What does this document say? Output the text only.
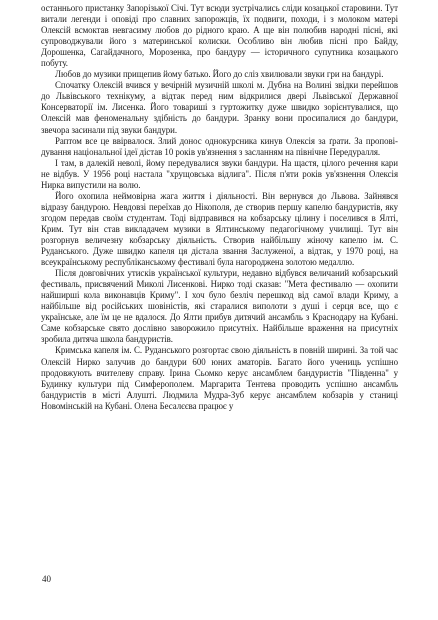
останнього пристанку Запорізької Січі. Тут всюди зустрічались сліди козацької старовини. Тут витали легенди і оповіді про славних запорожців, їх подвиги, походи, і з молоком матері Олексій всмоктав невгасиму любов до рідного краю. А ще він полюбив народні пісні, які супроводжували його з материнської колиски. Особливо він любив пісні про Байду, Дорошенка, Сагайдачного, Морозенка, про бандуру — історичного супутника козацького побуту.

Любов до музики прищепив йому батько. Його до сліз хвилювали звуки гри на бандурі.

Спочатку Олексій вчився у вечірній музичній школі м. Дубна на Волині звідки перейшов до Львівського технікуму, а відтак перед ним відкрилися двері Львівської Державної Консерваторії ім. Лисенка. Його товариші з гуртожитку дуже швидко зорієнтувалися, що Олексій мав феноменальну здібність до бандури. Зранку вони просипалися до бандури, звечора засинали під звуки бандури.

Раптом все це ввірвалося. Злий донос однокурсника кинув Олексія за ґрати. За проповідування національної ідеї дістав 10 років ув'язнення з засланням на північне Передуралля.

І там, в далекій неволі, йому передувалися звуки бандури. На щастя, цілого речення кари не відбув. У 1956 році настала "хрущовська відлига". Після п'яти років ув'язнення Олексія Нирка випустили на волю.

Його охопила неймовірна жага життя і діяльності. Він вернувся до Львова. Зайнявся відразу бандурою. Невдовзі переїхав до Нікополя, де створив першу капелю бандуристів, яку згодом передав своїм студентам. Тоді відправився на кобзарську цілину і поселився в Ялті, Крим. Тут він став викладачем музики в Ялтинському педагогічному училищі. Тут він розгорнув величезну кобзарську діяльність. Створив найбільшу жіночу капелю ім. С. Руданського. Дуже швидко капеля ця дістала звання Заслуженої, а відтак, у 1970 році, на всеукраїнському республіканському фестивалі була нагороджена золотою медаллю.

Після довговічних утисків української культури, недавно відбувся величаний кобзарський фестиваль, присвячений Миколі Лисенкові. Нирко тоді сказав: "Мета фестивалю — охопити найширші кола виконавців Криму". І хоч було безліч перешкод від самої влади Криму, а найбільше від російських шовіністів, які старалися виполоти з душі і серця все, що є українське, але їм це не вдалося. До Ялти прибув дитячий ансамбль з Краснодару на Кубані. Саме кобзарське свято дослівно заворожило присутніх. Найбільше враження на присутніх зробила дитяча школа бандуристів.

Кримська капеля ім. С. Руданського розгортає свою діяльність в повній ширині. За той час Олексій Нирко залучив до бандури 600 юних аматорів. Багато його учениць успішно продовжують вчителеву справу. Ірина Сьомко керує ансамблем бандуристів "Південна" у Будинку культури під Симферополем. Маргарита Тентева проводить успішно ансамбль бандуристів в місті Алушті. Людмила Мудра-Зуб керує ансамблем кобзарів у станиці Новомінській на Кубані. Олена Бесалєєва працює у

40
